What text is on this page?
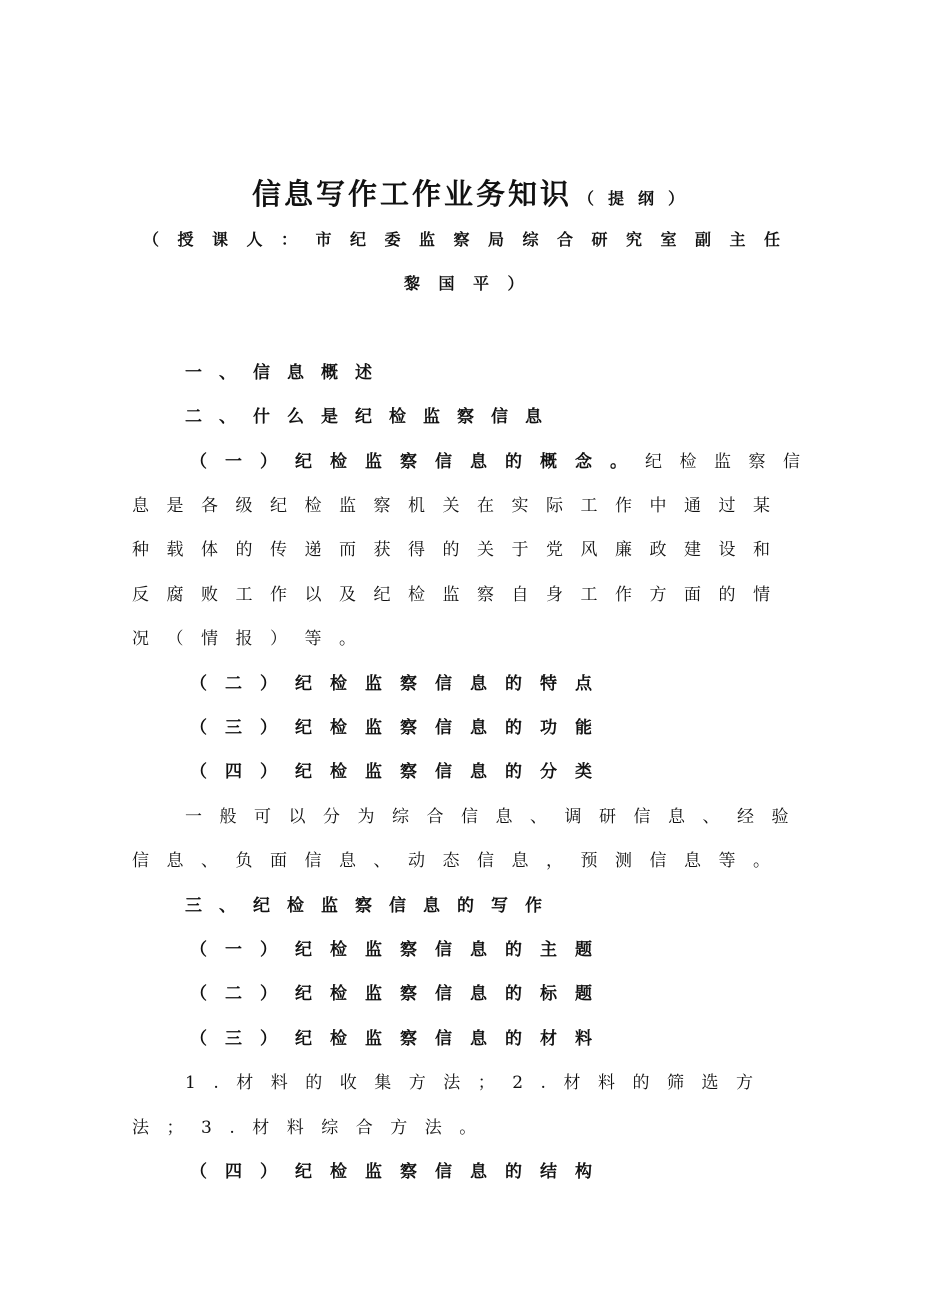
信息写作工作业务知识 （提纲）
（授课人：市纪委监察局综合研究室副主任
黎国平）
一、信息概述
二、什么是纪检监察信息
（一）纪检监察信息的概念。纪检监察信
息是各级纪检监察机关在实际工作中通过某
种载体的传递而获得的关于党风廉政建设和
反腐败工作以及纪检监察自身工作方面的情
况（情报）等。
（二）纪检监察信息的特点
（三）纪检监察信息的功能
（四）纪检监察信息的分类
一般可以分为综合信息、调研信息、经验
信息、负面信息、动态信息，预测信息等。
三、纪检监察信息的写作
（一）纪检监察信息的主题
（二）纪检监察信息的标题
（三）纪检监察信息的材料
1.材料的收集方法；2.材料的筛选方
法；3.材料综合方法。
（四）纪检监察信息的结构
